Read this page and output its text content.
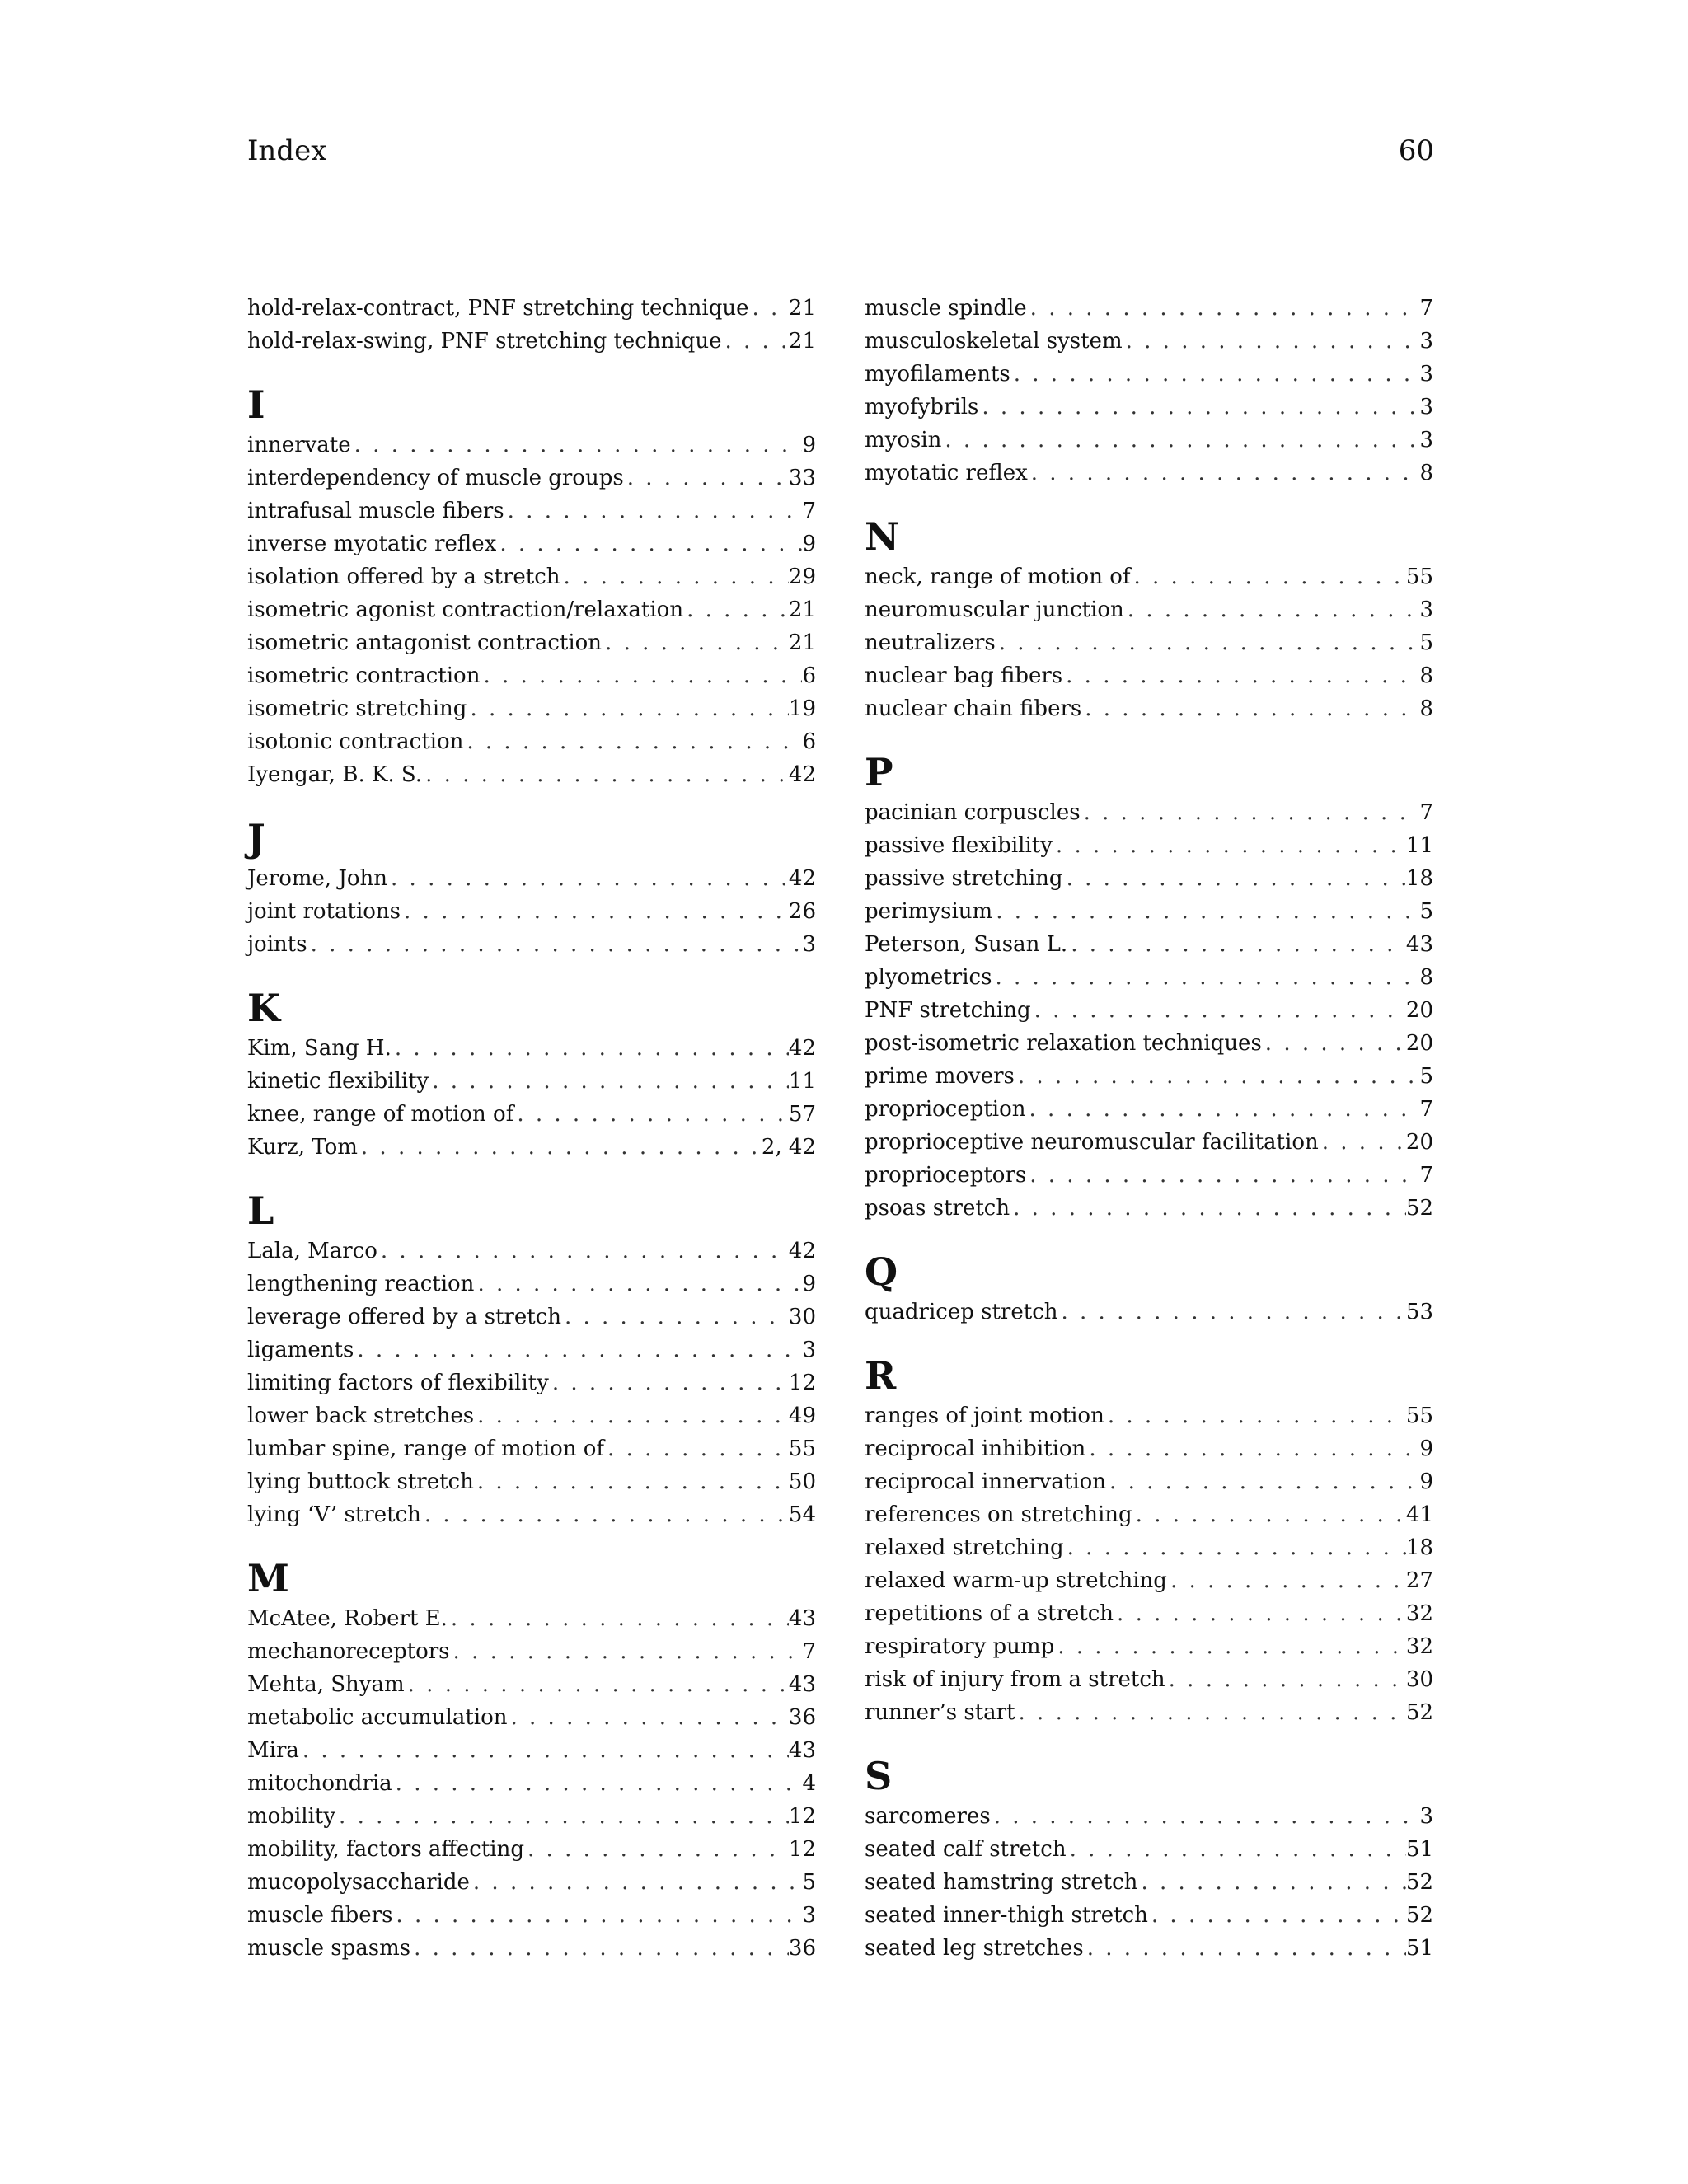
Index	60
hold-relax-contract, PNF stretching technique . . . 21
hold-relax-swing, PNF stretching technique . . .	21
I
innervate . . .	9
interdependency of muscle groups . . .	33
intrafusal muscle fibers . . .	7
inverse myotatic reflex . . .	9
isolation offered by a stretch . . .	29
isometric agonist contraction/relaxation . . .	21
isometric antagonist contraction . . .	21
isometric contraction . . .	6
isometric stretching . . .	19
isotonic contraction . . .	6
Iyengar, B. K. S. . . .	42
J
Jerome, John . . .	42
joint rotations . . .	26
joints . . .	3
K
Kim, Sang H. . . .	42
kinetic flexibility . . .	11
knee, range of motion of . . .	57
Kurz, Tom . . .	2, 42
L
Lala, Marco . . .	42
lengthening reaction . . .	9
leverage offered by a stretch . . .	30
ligaments . . .	3
limiting factors of flexibility . . .	12
lower back stretches . . .	49
lumbar spine, range of motion of . . .	55
lying buttock stretch . . .	50
lying ‘V’ stretch . . .	54
M
McAtee, Robert E. . . .	43
mechanoreceptors . . .	7
Mehta, Shyam . . .	43
metabolic accumulation . . .	36
Mira . . .	43
mitochondria . . .	4
mobility . . .	12
mobility, factors affecting . . .	12
mucopolysaccharide . . .	5
muscle fibers . . .	3
muscle spasms . . .	36
muscle spindle . . .	7
musculoskeletal system . . .	3
myofilaments . . .	3
myofybrils . . .	3
myosin . . .	3
myotatic reflex . . .	8
N
neck, range of motion of . . .	55
neuromuscular junction . . .	3
neutralizers . . .	5
nuclear bag fibers . . .	8
nuclear chain fibers . . .	8
P
pacinian corpuscles . . .	7
passive flexibility . . .	11
passive stretching . . .	18
perimysium . . .	5
Peterson, Susan L. . . .	43
plyometrics . . .	8
PNF stretching . . .	20
post-isometric relaxation techniques . . .	20
prime movers . . .	5
proprioception . . .	7
proprioceptive neuromuscular facilitation . . .	20
proprioceptors . . .	7
psoas stretch . . .	52
Q
quadricep stretch . . .	53
R
ranges of joint motion . . .	55
reciprocal inhibition . . .	9
reciprocal innervation . . .	9
references on stretching . . .	41
relaxed stretching . . .	18
relaxed warm-up stretching . . .	27
repetitions of a stretch . . .	32
respiratory pump . . .	32
risk of injury from a stretch . . .	30
runner’s start . . .	52
S
sarcomeres . . .	3
seated calf stretch . . .	51
seated hamstring stretch . . .	52
seated inner-thigh stretch . . .	52
seated leg stretches . . .	51
